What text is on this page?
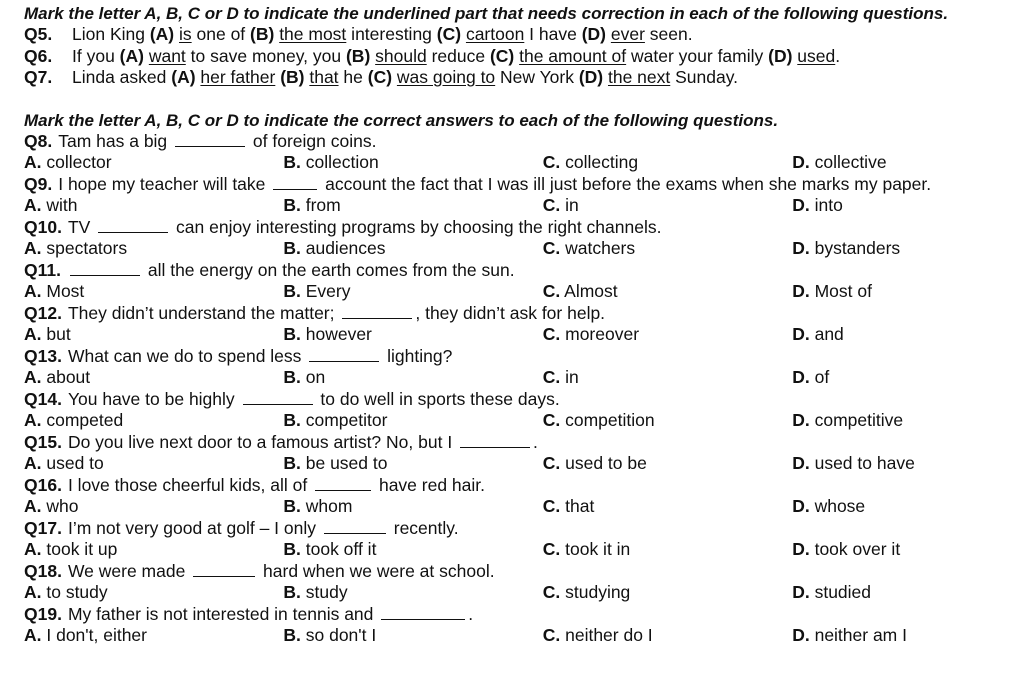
Mark the letter A, B, C or D to indicate the underlined part that needs correction in each of the following questions.
Q5. Lion King (A) is one of (B) the most interesting (C) cartoon I have (D) ever seen.
Q6. If you (A) want to save money, you (B) should reduce (C) the amount of water your family (D) used.
Q7. Linda asked (A) her father (B) that he (C) was going to New York (D) the next Sunday.
Mark the letter A, B, C or D to indicate the correct answers to each of the following questions.
Q8. Tam has a big	of foreign coins.
A. collector	B. collection	C. collecting	D. collective
Q9. I hope my teacher will take	account the fact that I was ill just before the exams when she marks my paper.
A. with	B. from	C. in	D. into
Q10. TV	can enjoy interesting programs by choosing the right channels.
A. spectators	B. audiences	C. watchers	D. bystanders
Q11.	all the energy on the earth comes from the sun.
A. Most	B. Every	C. Almost	D. Most of
Q12. They didn’t understand the matter;	, they didn’t ask for help.
A. but	B. however	C. moreover	D. and
Q13. What can we do to spend less	lighting?
A. about	B. on	C. in	D. of
Q14. You have to be highly	to do well in sports these days.
A. competed	B. competitor	C. competition	D. competitive
Q15. Do you live next door to a famous artist? No, but I	.
A. used to	B. be used to	C. used to be	D. used to have
Q16. I love those cheerful kids, all of	have red hair.
A. who	B. whom	C. that	D. whose
Q17. I’m not very good at golf – I only	recently.
A. took it up	B. took off it	C. took it in	D. took over it
Q18. We were made	hard when we were at school.
A. to study	B. study	C. studying	D. studied
Q19. My father is not interested in tennis and	.
A. I don't, either	B. so don't I	C. neither do I	D. neither am I
